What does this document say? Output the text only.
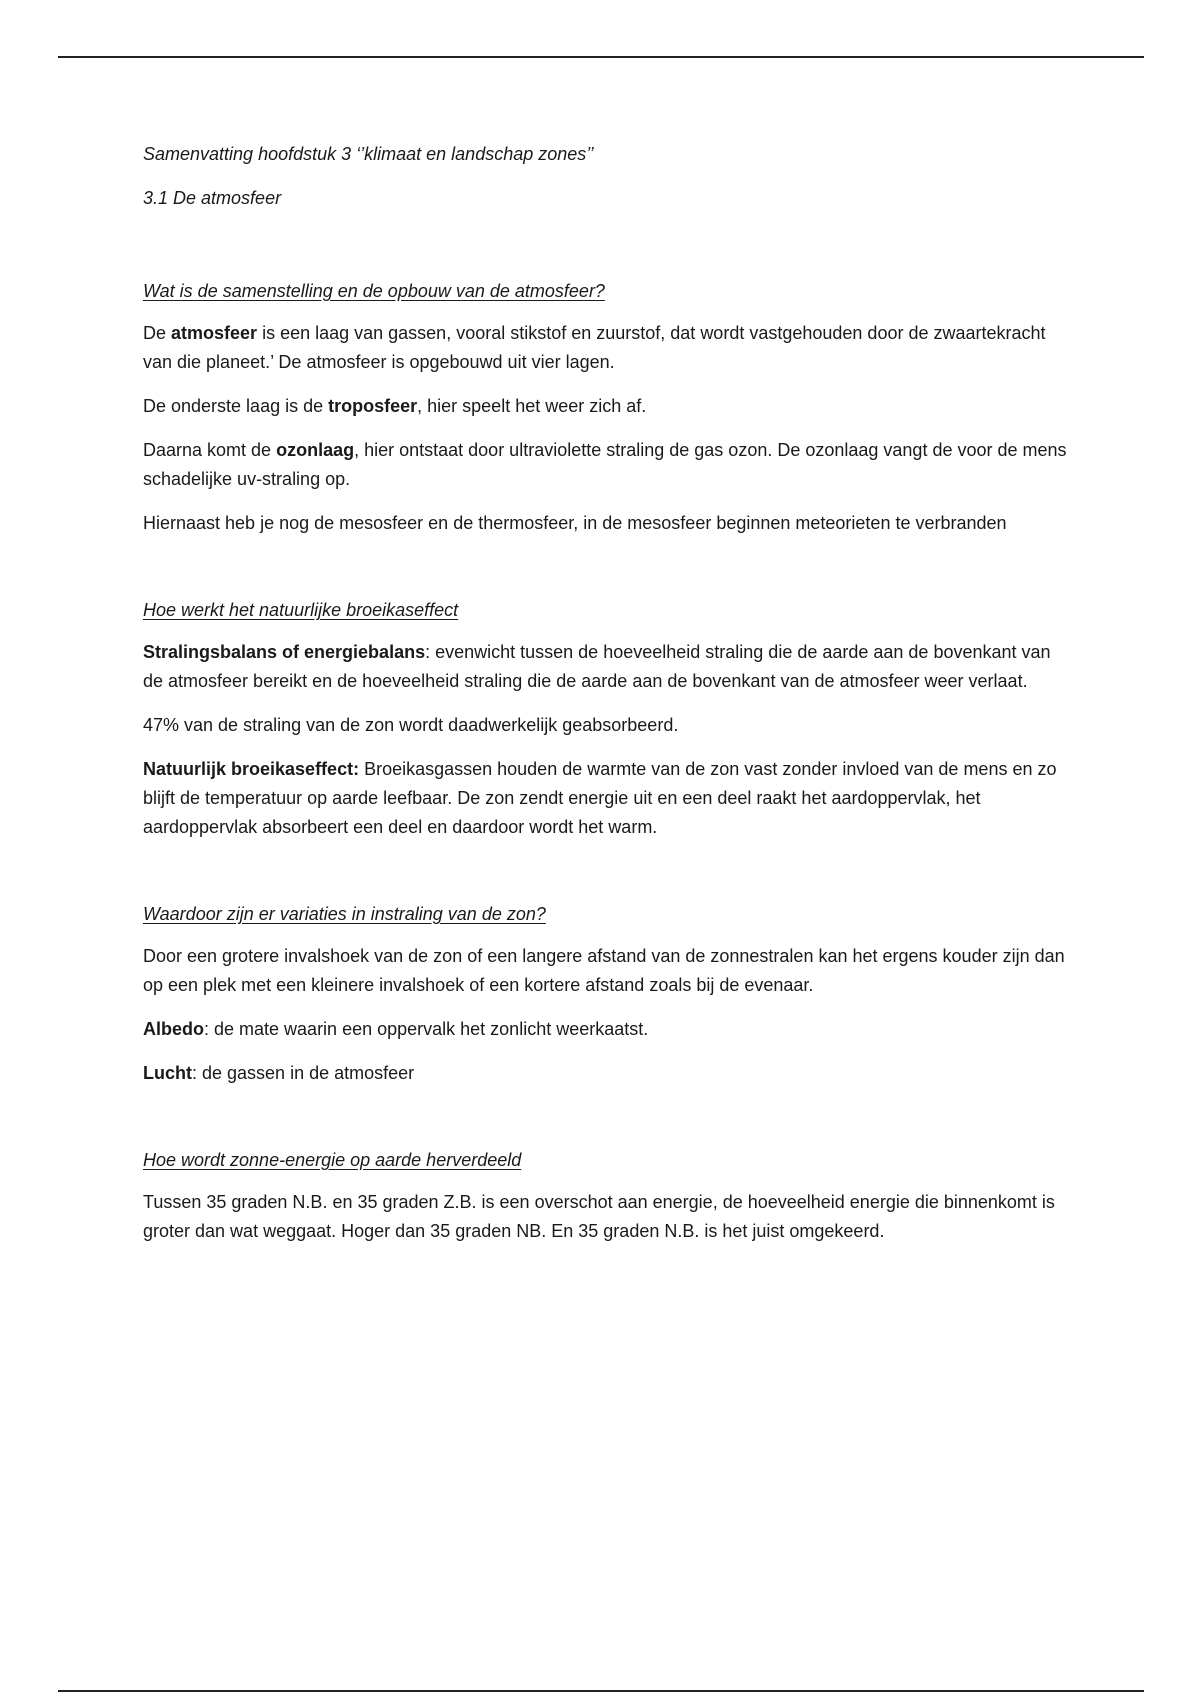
Samenvatting hoofdstuk 3 ‘’klimaat en landschap zones’’

3.1 De atmosfeer

Wat is de samenstelling en de opbouw van de atmosfeer?

De atmosfeer is een laag van gassen, vooral stikstof en zuurstof, dat wordt vastgehouden door de zwaartekracht van die planeet.’ De atmosfeer is opgebouwd uit vier lagen.

De onderste laag is de troposfeer, hier speelt het weer zich af.

Daarna komt de ozonlaag, hier ontstaat door ultraviolette straling de gas ozon. De ozonlaag vangt de voor de mens schadelijke uv-straling op.

Hiernaast heb je nog de mesosfeer en de thermosfeer, in de mesosfeer beginnen meteorieten te verbranden

Hoe werkt het natuurlijke broeikaseffect

Stralingsbalans of energiebalans: evenwicht tussen de hoeveelheid straling die de aarde aan de bovenkant van de atmosfeer bereikt en de hoeveelheid straling die de aarde aan de bovenkant van de atmosfeer weer verlaat.

47% van de straling van de zon wordt daadwerkelijk geabsorbeerd.

Natuurlijk broeikaseffect: Broeikasgassen houden de warmte van de zon vast zonder invloed van de mens en zo blijft de temperatuur op aarde leefbaar. De zon zendt energie uit en een deel raakt het aardoppervlak, het aardoppervlak absorbeert een deel en daardoor wordt het warm.

Waardoor zijn er variaties in instraling van de zon?

Door een grotere invalshoek van de zon of een langere afstand van de zonnestralen kan het ergens kouder zijn dan op een plek met een kleinere invalshoek of een kortere afstand zoals bij de evenaar.

Albedo: de mate waarin een oppervalk het zonlicht weerkaatst.

Lucht: de gassen in de atmosfeer

Hoe wordt zonne-energie op aarde herverdeeld

Tussen 35 graden N.B. en 35 graden Z.B. is een overschot aan energie, de hoeveelheid energie die binnenkomt is groter dan wat weggaat. Hoger dan 35 graden NB. En 35 graden N.B. is het juist omgekeerd.
